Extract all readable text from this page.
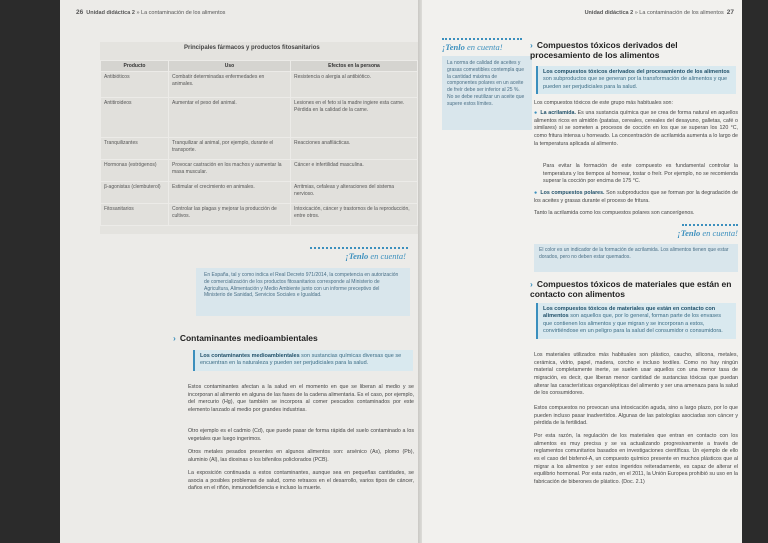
26 Unidad didáctica 2 » La contaminación de los alimentos
Principales fármacos y productos fitosanitarios
Producto	Uso	Efectos en la persona
Antibióticos	Combatir determinadas enfermedades en animales.	Resistencia o alergia al antibiótico.
Antitiroideos	Aumentar el peso del animal.	Lesiones en el feto si la madre ingiere esta carne. Pérdida en la calidad de la carne.
Tranquilizantes	Tranquilizar al animal, por ejemplo, durante el transporte.	Reacciones anafilácticas.
Hormonas (estrógenos)	Provocar castración en los machos y aumentar la masa muscular.	Cáncer e infertilidad masculina.
β-agonistas (clembuterol)	Estimular el crecimiento en animales.	Arritmias, cefaleas y alteraciones del sistema nervioso.
Fitosanitarios	Controlar las plagas y mejorar la producción de cultivos.	Intoxicación, cáncer y trastornos de la reproducción, entre otros.
¡Tenlo en cuenta!
En España, tal y como indica el Real Decreto 971/2014, la competencia en autorización de comercialización de los productos fitosanitarios corresponde al Ministerio de Agricultura, Alimentación y Medio Ambiente junto con un informe preceptivo del Ministerio de Sanidad, Servicios Sociales e Igualdad.
› Contaminantes medioambientales
Los contaminantes medioambientales son sustancias químicas diversas que se encuentran en la naturaleza y pueden ser perjudiciales para la salud.
Estos contaminantes afectan a la salud en el momento en que se liberan al medio y se incorporan al alimento en alguna de las fases de la cadena alimentaria. Es el caso, por ejemplo, del mercurio (Hg), que también se incorpora al comer pescados contaminados por este elemento lanzado al medio por grandes industrias.
Otro ejemplo es el cadmio (Cd), que puede pasar de forma rápida del suelo contaminado a los vegetales que luego ingerimos.
Otros metales pesados presentes en algunos alimentos son: arsénico (As), plomo (Pb), aluminio (Al), las dioxinas o los bifenilos policlorados (PCB).
La exposición continuada a estos contaminantes, aunque sea en pequeñas cantidades, se asocia a posibles problemas de salud, como retrasos en el desarrollo, varios tipos de cáncer, daños en el riñón, inmunodeficiencia e incluso la muerte.
Unidad didáctica 2 » La contaminación de los alimentos 27
¡Tenlo en cuenta!
La norma de calidad de aceites y grasas comestibles contempla que la cantidad máxima de componentes polares en un aceite de freír debe ser inferior al 25 %. No se debe reutilizar un aceite que supere estos límites.
› Compuestos tóxicos derivados del procesamiento de los alimentos
Los compuestos tóxicos derivados del procesamiento de los alimentos son subproductos que se generan por la transformación de alimentos y que pueden ser perjudiciales para la salud.
Los compuestos tóxicos de este grupo más habituales son:
● La acrilamida. Es una sustancia química que se crea de forma natural en aquellos alimentos ricos en almidón (patatas, cereales, cereales del desayuno, galletas, café o similares) si se someten a procesos de cocción en los que se superan los 120 °C, como fritura intensa u horneado. La concentración de acrilamida aumenta a lo largo de la temperatura aplicada al alimento.
Para evitar la formación de este compuesto es fundamental controlar la temperatura y los tiempos al hornear, tostar o freír. Por ejemplo, no se recomienda superar la cocción por encima de 175 °C.
● Los compuestos polares. Son subproductos que se forman por la degradación de los aceites y grasas durante el proceso de fritura.
Tanto la acrilamida como los compuestos polares son cancerígenos.
¡Tenlo en cuenta!
El color es un indicador de la formación de acrilamida. Los alimentos tienen que estar dorados, pero no deben estar quemados.
› Compuestos tóxicos de materiales que están en contacto con alimentos
Los compuestos tóxicos de materiales que están en contacto con alimentos son aquellos que, por lo general, forman parte de los envases que contienen los alimentos y que migran y se incorporan a estos, convirtiéndose en un peligro para la salud del consumidor o consumidora.
Los materiales utilizados más habituales son plástico, caucho, silicona, metales, cerámica, vidrio, papel, madera, corcho e incluso textiles. Como no hay ningún material completamente inerte, se suelen usar aquellos con una menor tasa de migración, es decir, que liberan menor cantidad de sustancias tóxicas que puedan alterar las características organolépticas del alimento y ser una amenaza para la salud de los consumidores.
Estos compuestos no provocan una intoxicación aguda, sino a largo plazo, por lo que pueden incluso pasar inadvertidos. Algunas de las patologías asociadas son cáncer y pérdida de la fertilidad.
Por esta razón, la regulación de los materiales que entran en contacto con los alimentos es muy precisa y se va actualizando progresivamente a través de reglamentos comunitarios basados en investigaciones científicas. Un ejemplo de ello es el caso del bisfenol-A, un compuesto químico presente en muchos plásticos que al migrar a los alimentos y ser estos ingeridos reiteradamente, es capaz de alterar el equilibrio hormonal. Por esta razón, en el 2011, la Unión Europea prohibió su uso en la fabricación de biberones de plástico. (Doc. 2.1)
